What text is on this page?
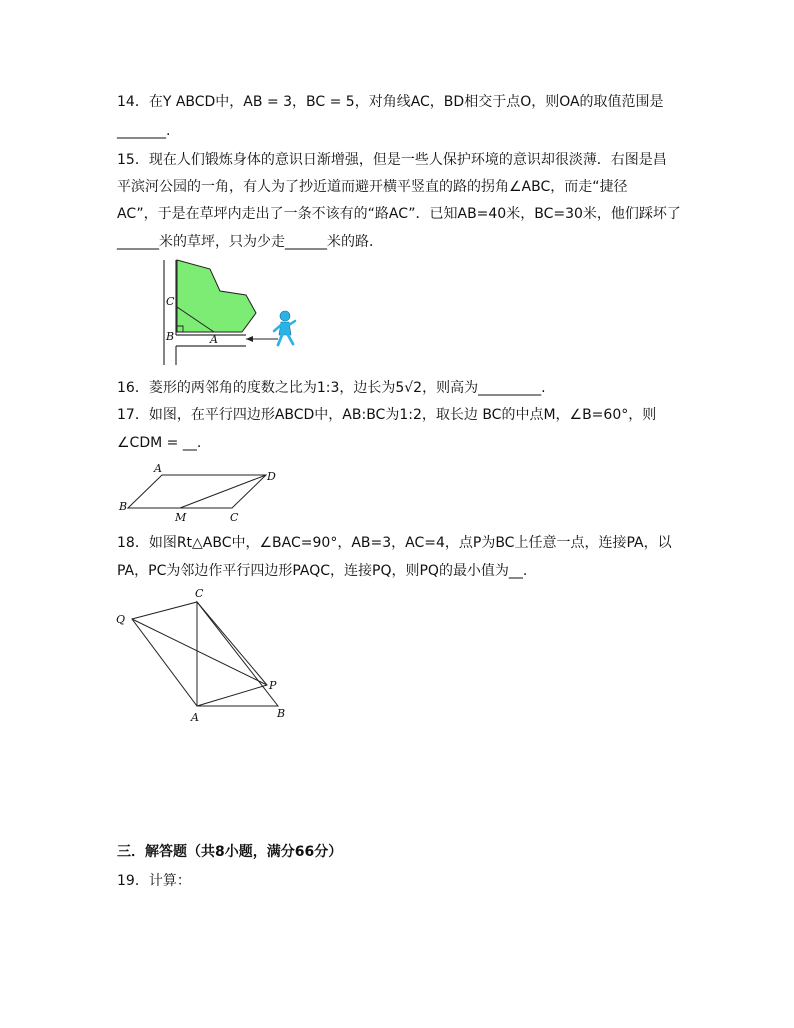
14．在Y ABCD中，AB = 3，BC = 5，对角线AC，BD相交于点O，则OA的取值范围是
_______.
15．现在人们锻炼身体的意识日渐增强，但是一些人保护环境的意识却很淡薄．右图是昌
平滨河公园的一角，有人为了抄近道而避开横平竖直的路的拐角∠ABC，而走“捷径
AC”，于是在草坪内走出了一条不该有的“路AC”．已知AB=40米，BC=30米，他们踩坏了
______米的草坪，只为少走______米的路．
C
B	A
16．菱形的两邻角的度数之比为1:3，边长为5√2，则高为_________.
17．如图，在平行四边形ABCD中，AB:BC为1:2，取长边 BC的中点M，∠B=60°，则
∠CDM = __.
A
D
B
M	C
18．如图Rt△ABC中，∠BAC=90°，AB=3，AC=4，点P为BC上任意一点，连接PA，以
PA，PC为邻边作平行四边形PAQC，连接PQ，则PQ的最小值为__.
C
Q
P
A	B
三．解答题（共8小题，满分66分）
19．计算：
